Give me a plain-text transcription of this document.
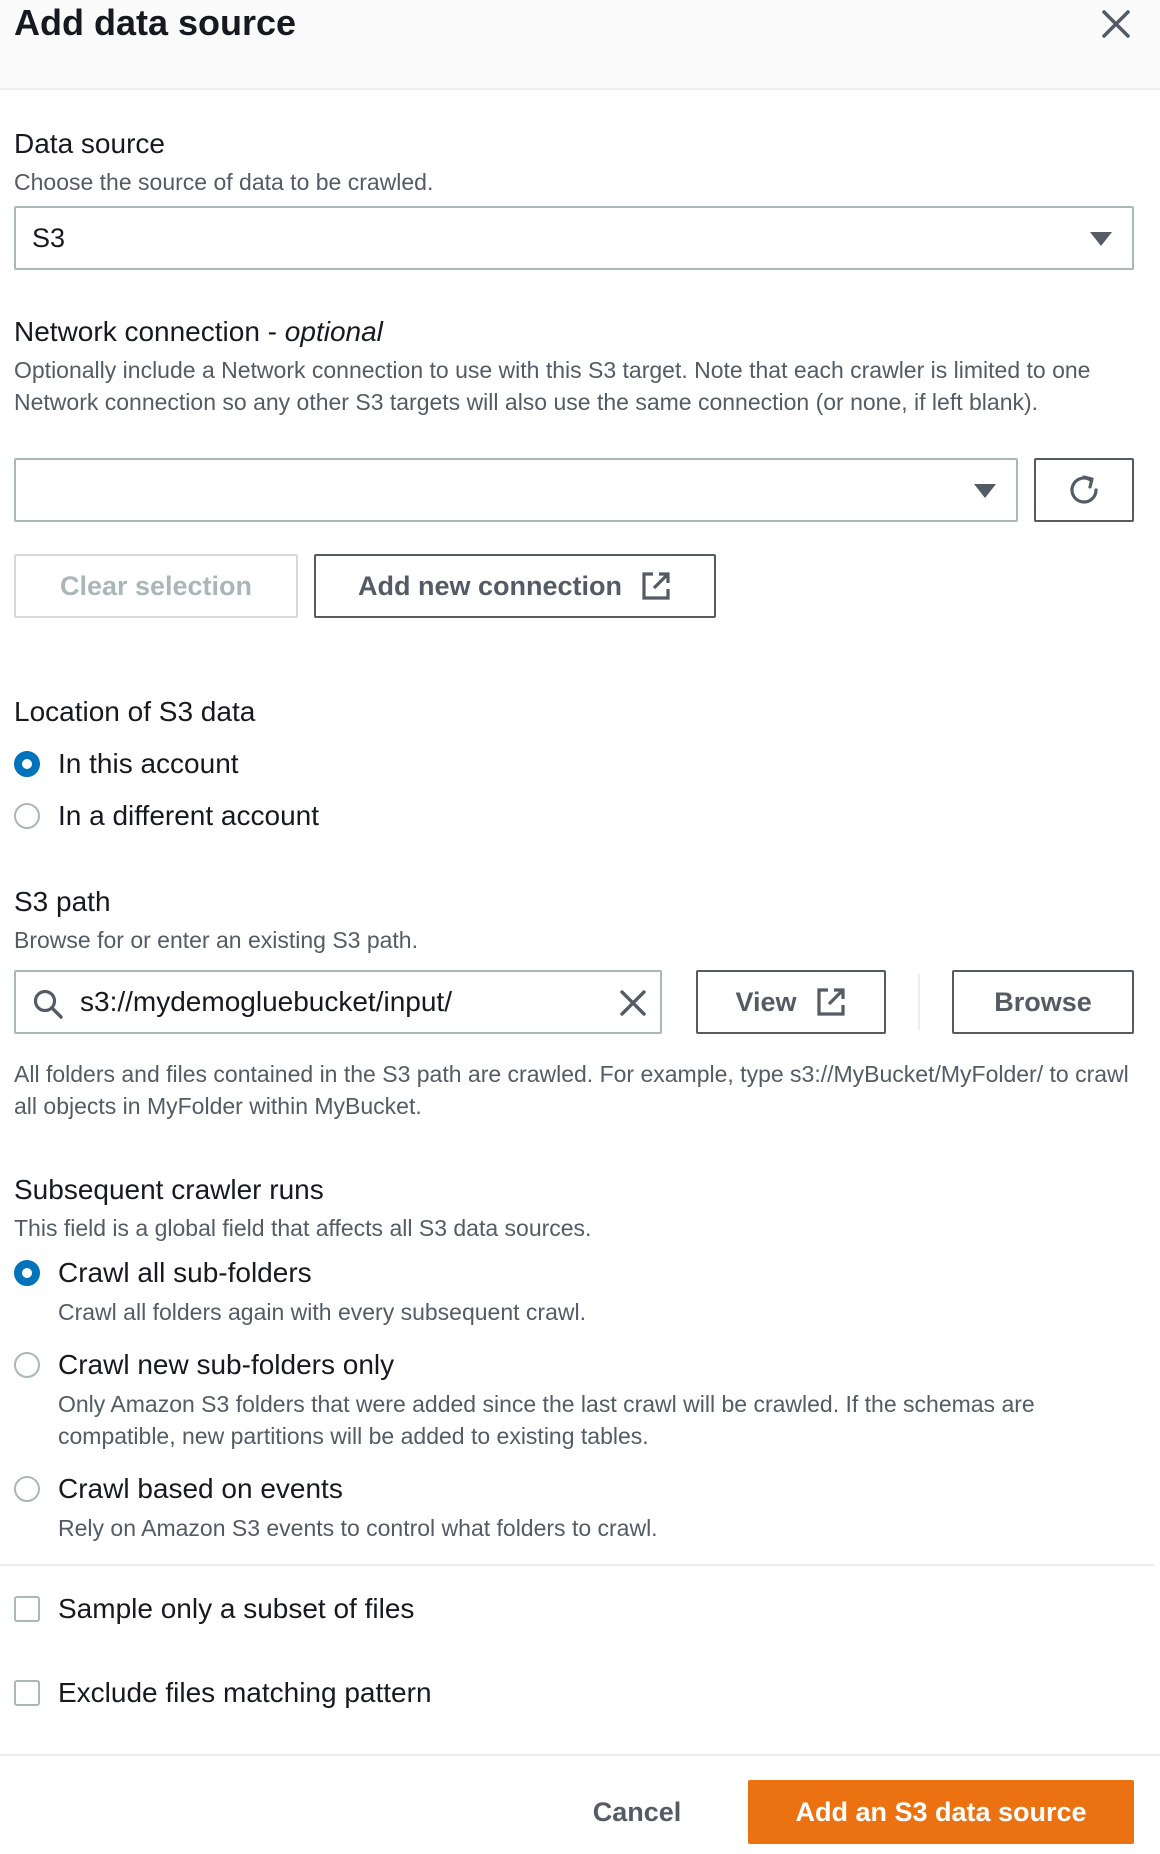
Add data source
Data source
Choose the source of data to be crawled.
S3
Network connection - optional
Optionally include a Network connection to use with this S3 target. Note that each crawler is limited to one Network connection so any other S3 targets will also use the same connection (or none, if left blank).
Clear selection	Add new connection
Location of S3 data
In this account
In a different account
S3 path
Browse for or enter an existing S3 path.
s3://mydemogluebucket/input/	View	Browse
All folders and files contained in the S3 path are crawled. For example, type s3://MyBucket/MyFolder/ to crawl all objects in MyFolder within MyBucket.
Subsequent crawler runs
This field is a global field that affects all S3 data sources.
Crawl all sub-folders
Crawl all folders again with every subsequent crawl.
Crawl new sub-folders only
Only Amazon S3 folders that were added since the last crawl will be crawled. If the schemas are compatible, new partitions will be added to existing tables.
Crawl based on events
Rely on Amazon S3 events to control what folders to crawl.
Sample only a subset of files
Exclude files matching pattern
Cancel	Add an S3 data source
